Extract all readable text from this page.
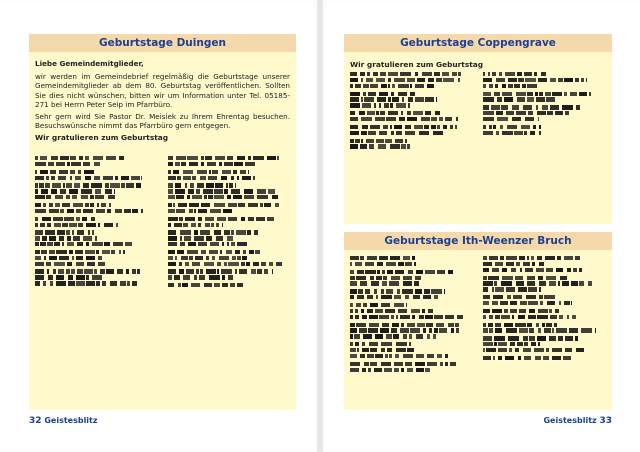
Geburtstage Duingen
Liebe Gemeindemitglieder,

wir werden im Gemeindebrief regelmäßig die Geburtstage unserer Gemeindemitglieder ab dem 80. Geburtstag veröffentlichen. Sollten Sie dies nicht wünschen, bitten wir um Information unter Tel. 05185-271 bei Herrn Peter Seip im Pfarrbüro.

Sehr gern wird Sie Pastor Dr. Meisiek zu Ihrem Ehrentag besuchen. Besuchswünsche nimmt das Pfarrbüro gern entgegen.

Wir gratulieren zum Geburtstag
32 Geistesblitz
Geburtstage Coppengrave
Wir gratulieren zum Geburtstag
Geburtstage Ith-Weenzer Bruch
Geistesblitz 33
